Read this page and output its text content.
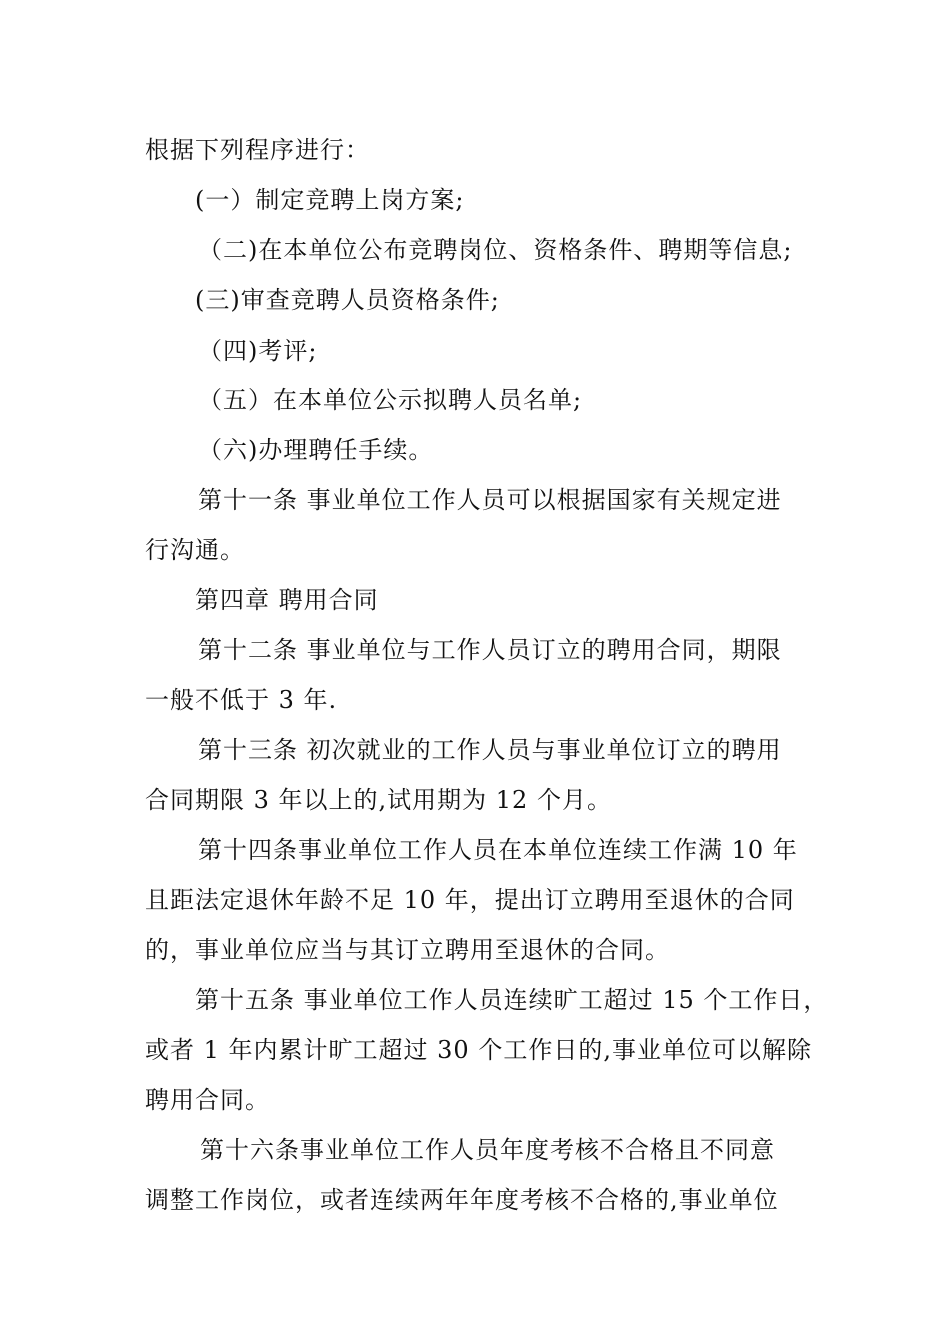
根据下列程序进行：
(一）制定竞聘上岗方案;
（二)在本单位公布竞聘岗位、资格条件、聘期等信息;
(三)审查竞聘人员资格条件;
（四)考评;
（五）在本单位公示拟聘人员名单;
（六)办理聘任手续。
第十一条 事业单位工作人员可以根据国家有关规定进
行沟通。
第四章 聘用合同
第十二条 事业单位与工作人员订立的聘用合同，期限
一般不低于 3 年.
第十三条 初次就业的工作人员与事业单位订立的聘用
合同期限 3 年以上的,试用期为 12 个月。
第十四条事业单位工作人员在本单位连续工作满 10 年
且距法定退休年龄不足 10 年，提出订立聘用至退休的合同
的，事业单位应当与其订立聘用至退休的合同。
第十五条 事业单位工作人员连续旷工超过 15 个工作日，
或者 1 年内累计旷工超过 30 个工作日的,事业单位可以解除
聘用合同。
第十六条事业单位工作人员年度考核不合格且不同意
调整工作岗位，或者连续两年年度考核不合格的,事业单位
